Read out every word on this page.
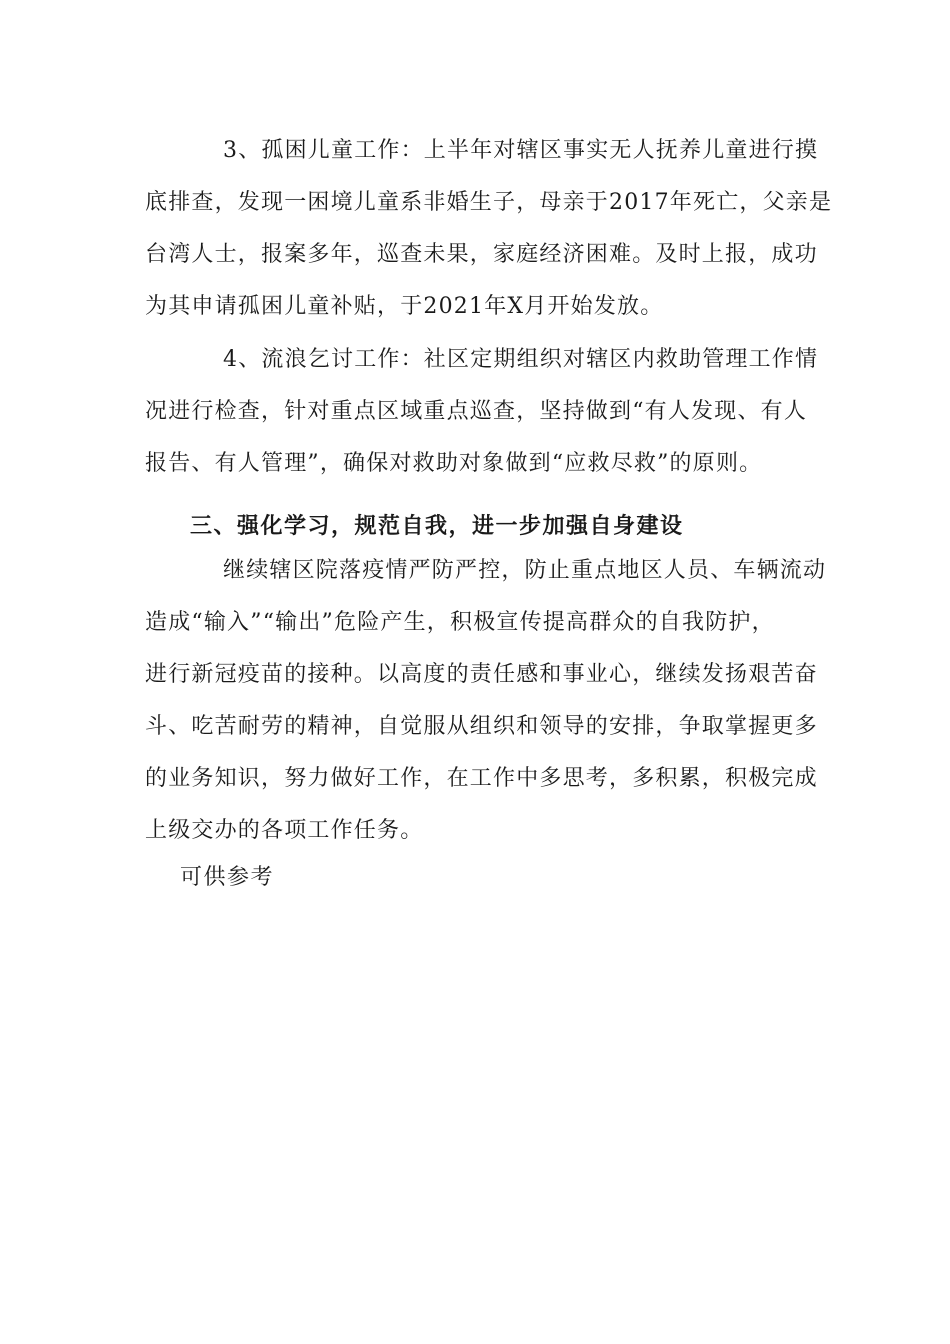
3、孤困儿童工作：上半年对辖区事实无人抚养儿童进行摸
底排查，发现一困境儿童系非婚生子，母亲于2017年死亡，父亲是
台湾人士，报案多年，巡查未果，家庭经济困难。及时上报，成功
为其申请孤困儿童补贴，于2021年X月开始发放。
4、流浪乞讨工作：社区定期组织对辖区内救助管理工作情
况进行检查，针对重点区域重点巡查，坚持做到“有人发现、有人
报告、有人管理”，确保对救助对象做到“应救尽救”的原则。
三、强化学习，规范自我，进一步加强自身建设
继续辖区院落疫情严防严控，防止重点地区人员、车辆流动
造成“输入”“输出”危险产生，积极宣传提高群众的自我防护，
进行新冠疫苗的接种。以高度的责任感和事业心，继续发扬艰苦奋
斗、吃苦耐劳的精神，自觉服从组织和领导的安排，争取掌握更多
的业务知识，努力做好工作，在工作中多思考，多积累，积极完成
上级交办的各项工作任务。
可供参考
